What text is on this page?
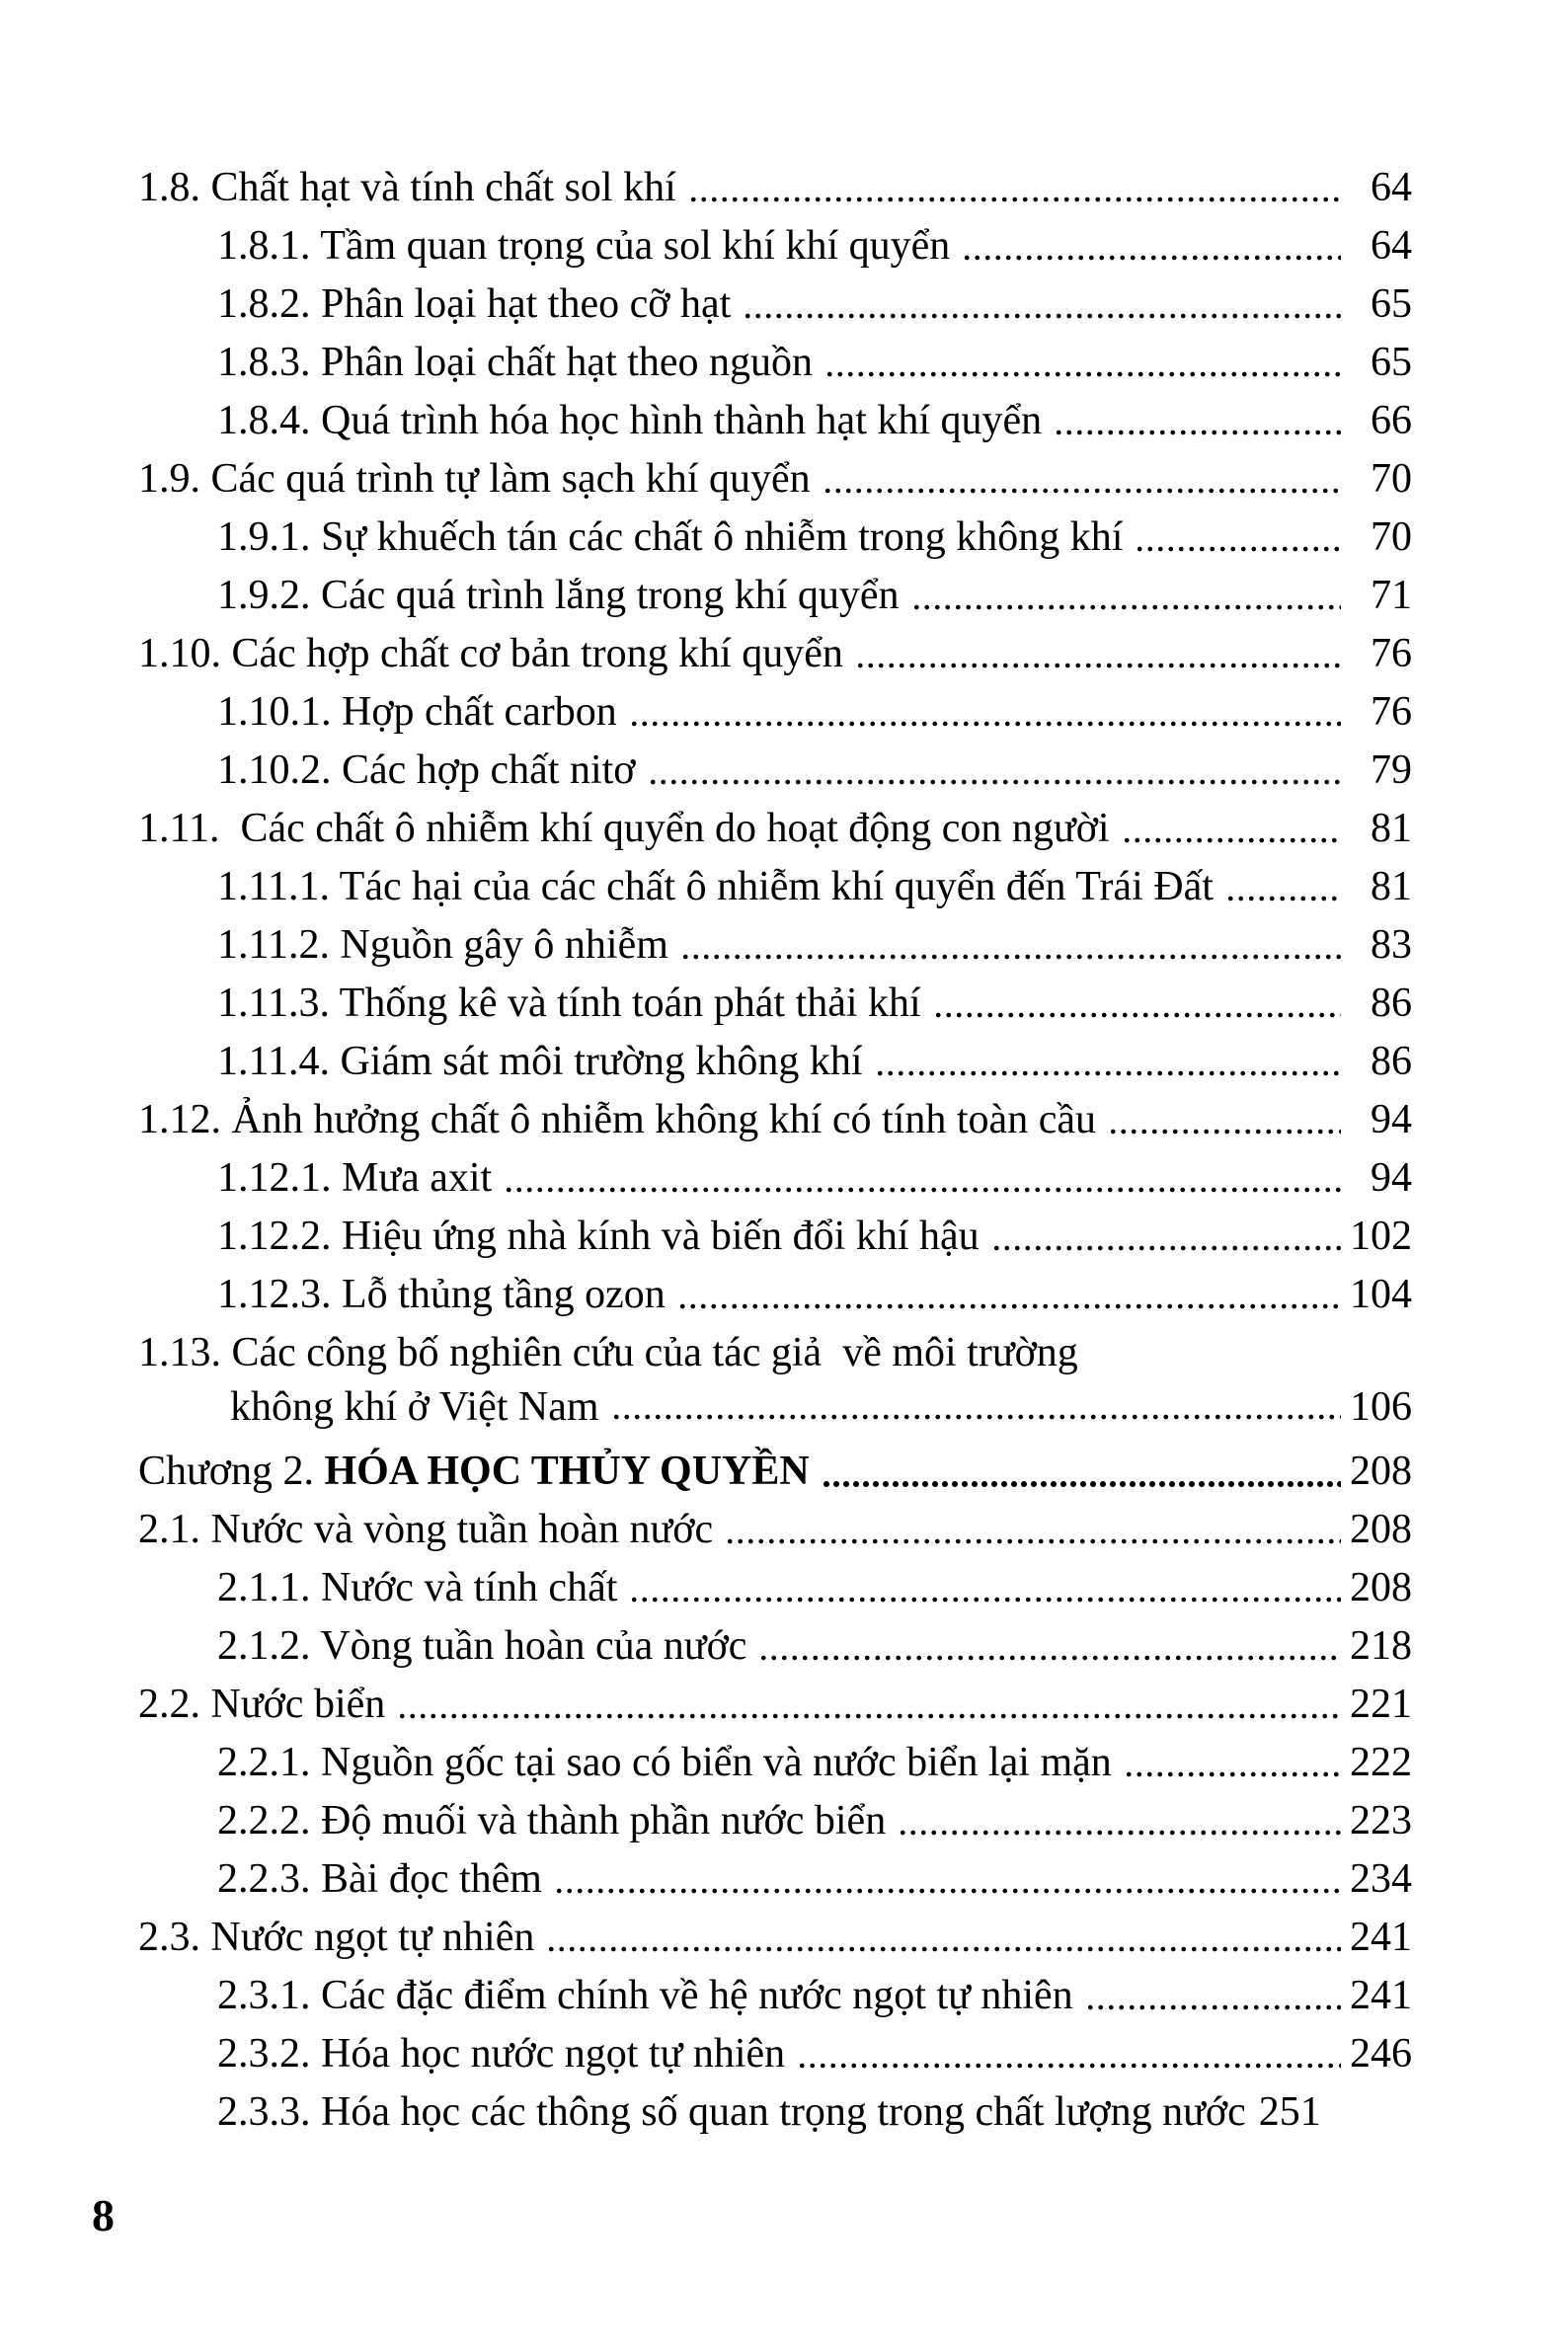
1.8. Chất hạt và tính chất sol khí	64
1.8.1. Tầm quan trọng của sol khí khí quyển	64
1.8.2. Phân loại hạt theo cỡ hạt	65
1.8.3. Phân loại chất hạt theo nguồn	65
1.8.4. Quá trình hóa học hình thành hạt khí quyển	66
1.9. Các quá trình tự làm sạch khí quyển	70
1.9.1. Sự khuếch tán các chất ô nhiễm trong không khí	70
1.9.2. Các quá trình lắng trong khí quyển	71
1.10. Các hợp chất cơ bản trong khí quyển	76
1.10.1. Hợp chất carbon	76
1.10.2. Các hợp chất nitơ	79
1.11.  Các chất ô nhiễm khí quyển do hoạt động con người	81
1.11.1. Tác hại của các chất ô nhiễm khí quyển đến Trái Đất	81
1.11.2. Nguồn gây ô nhiễm	83
1.11.3. Thống kê và tính toán phát thải khí	86
1.11.4. Giám sát môi trường không khí	86
1.12. Ảnh hưởng chất ô nhiễm không khí có tính toàn cầu	94
1.12.1. Mưa axit	94
1.12.2. Hiệu ứng nhà kính và biến đổi khí hậu	102
1.12.3. Lỗ thủng tầng ozon	104
1.13. Các công bố nghiên cứu của tác giả  về môi trường
không khí ở Việt Nam	106
Chương 2. HÓA HỌC THỦY QUYỀN	208
2.1. Nước và vòng tuần hoàn nước	208
2.1.1. Nước và tính chất	208
2.1.2. Vòng tuần hoàn của nước	218
2.2. Nước biển	221
2.2.1. Nguồn gốc tại sao có biển và nước biển lại mặn	222
2.2.2. Độ muối và thành phần nước biển	223
2.2.3. Bài đọc thêm	234
2.3. Nước ngọt tự nhiên	241
2.3.1. Các đặc điểm chính về hệ nước ngọt tự nhiên	241
2.3.2. Hóa học nước ngọt tự nhiên	246
2.3.3. Hóa học các thông số quan trọng trong chất lượng nước 251
8
